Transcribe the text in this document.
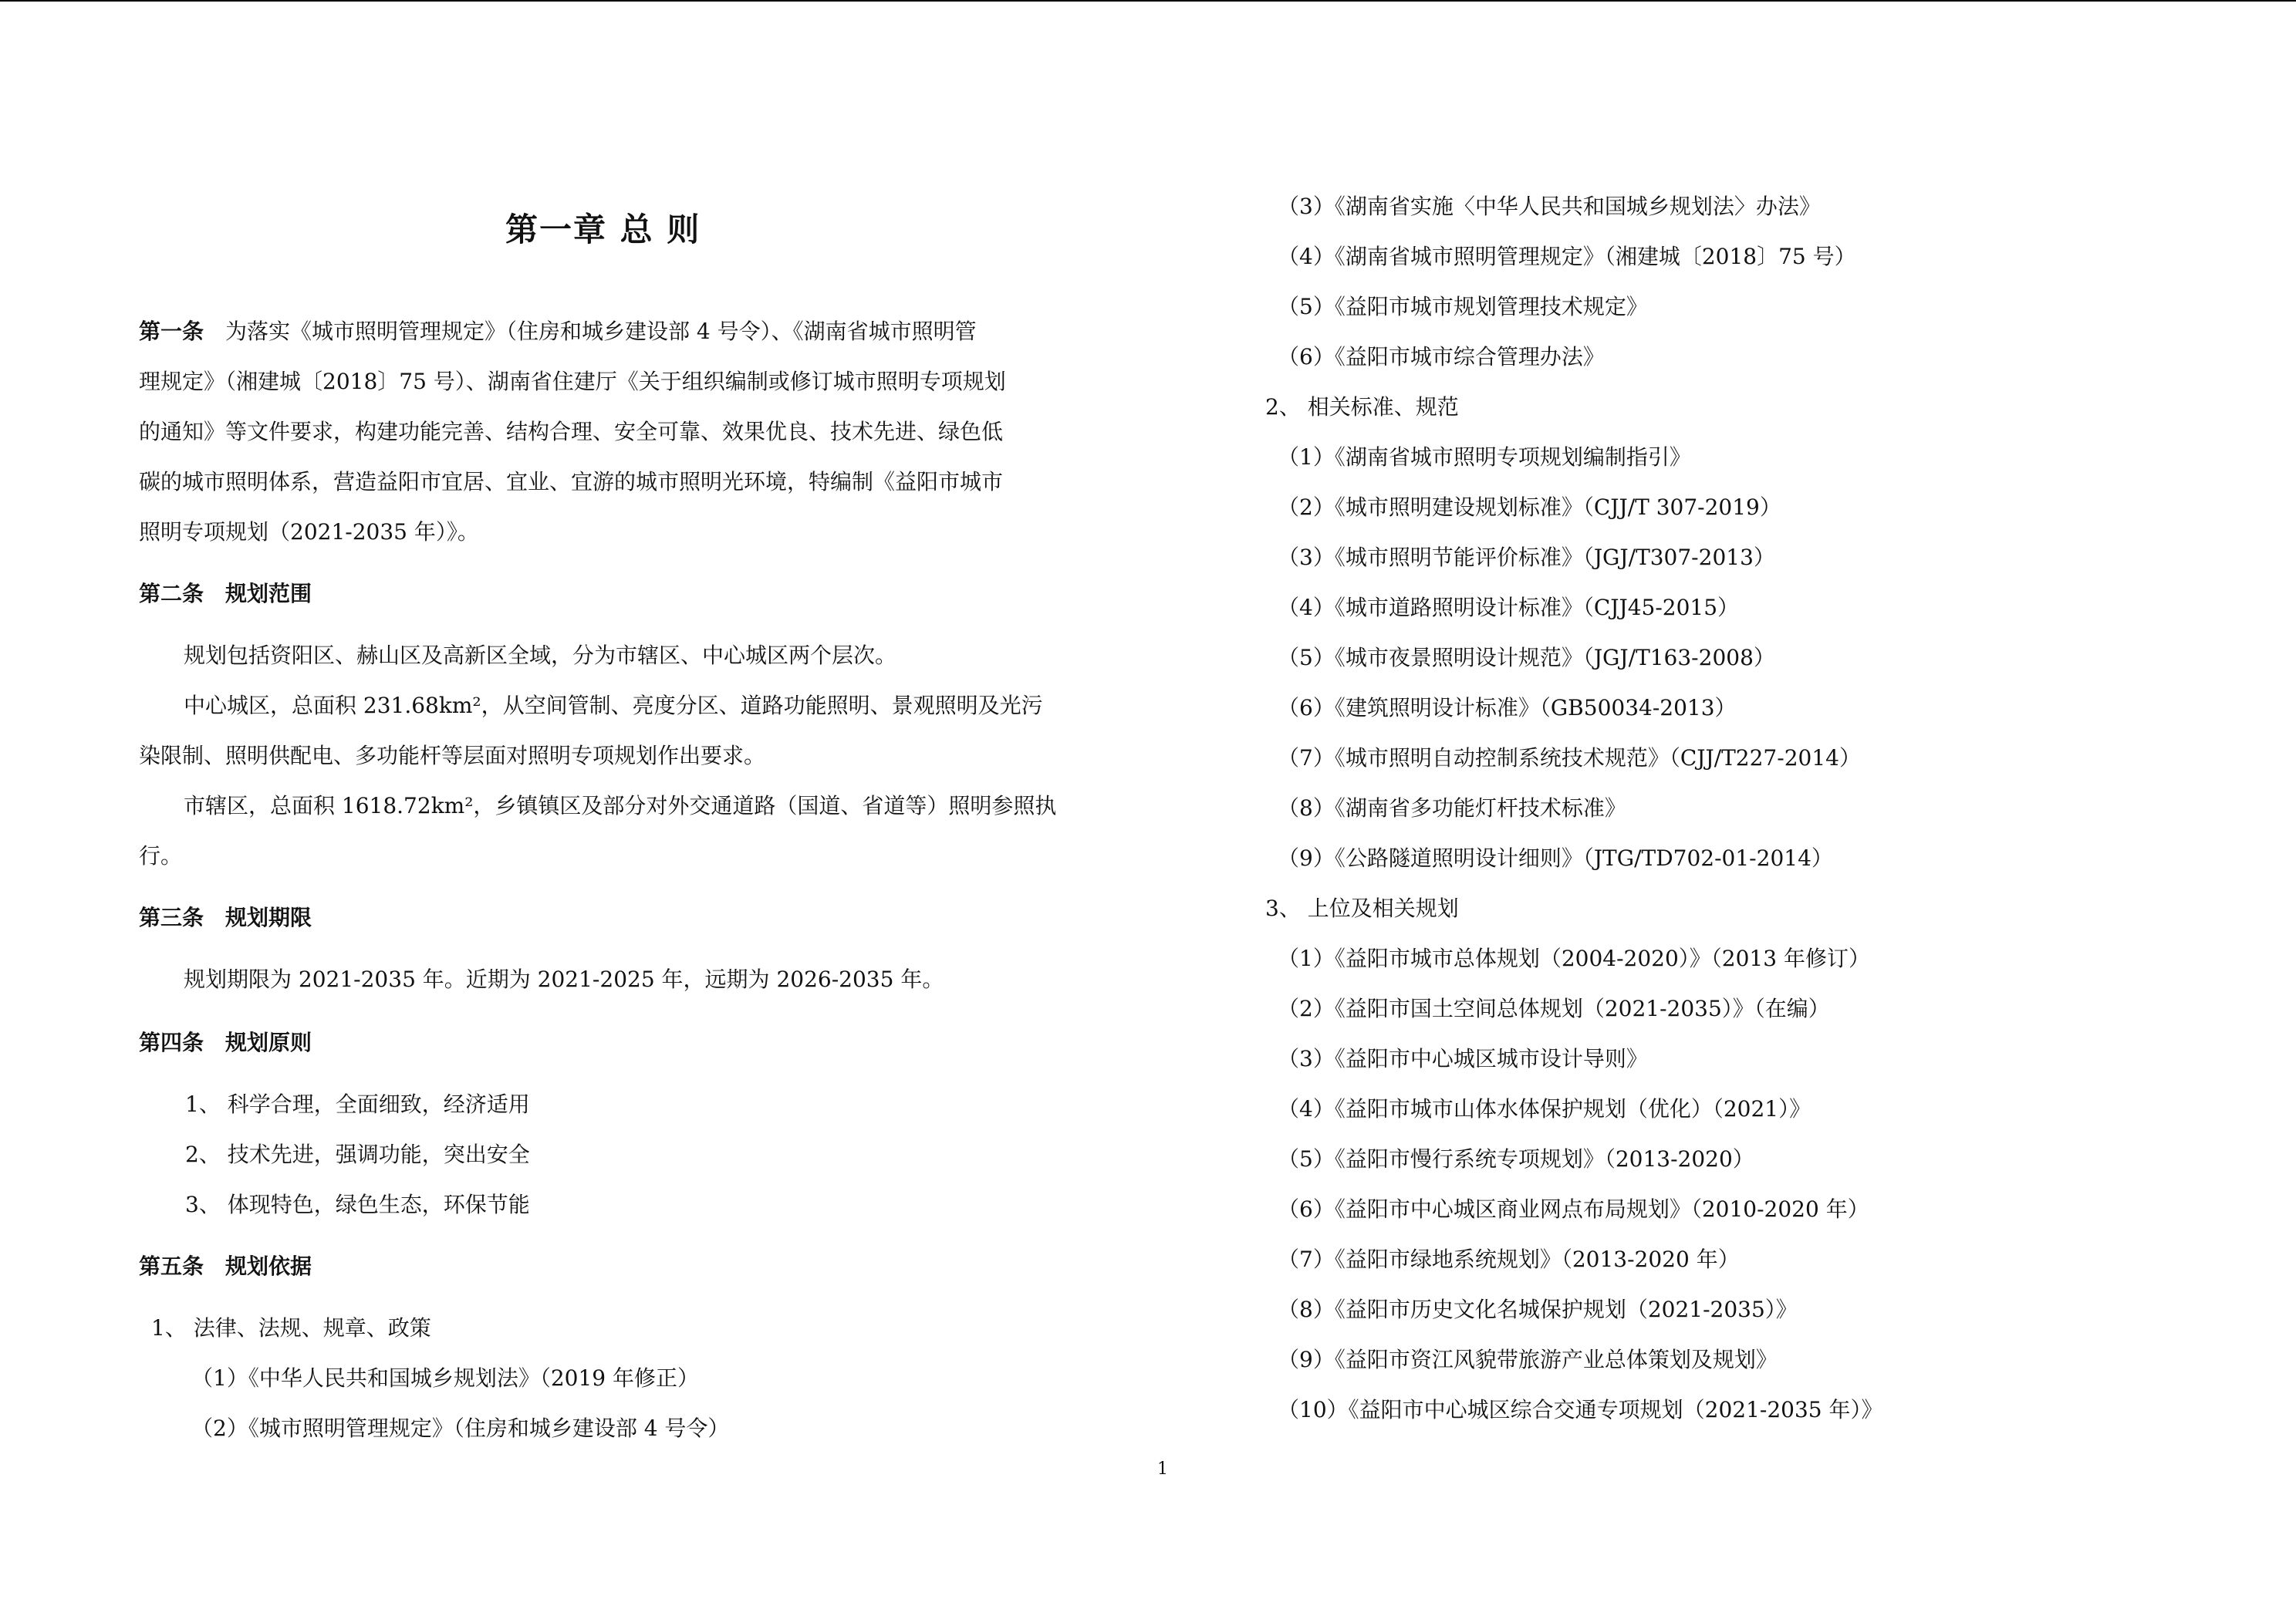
第一章 总 则
第一条 为落实《城市照明管理规定》（住房和城乡建设部 4 号令）、《湖南省城市照明管
理规定》（湘建城〔2018〕75 号）、湖南省住建厅《关于组织编制或修订城市照明专项规划
的通知》等文件要求，构建功能完善、结构合理、安全可靠、效果优良、技术先进、绿色低
碳的城市照明体系，营造益阳市宜居、宜业、宜游的城市照明光环境，特编制《益阳市城市
照明专项规划（2021-2035 年）》。
第二条 规划范围
规划包括资阳区、赫山区及高新区全域，分为市辖区、中心城区两个层次。
中心城区，总面积 231.68km²，从空间管制、亮度分区、道路功能照明、景观照明及光污
染限制、照明供配电、多功能杆等层面对照明专项规划作出要求。
市辖区，总面积 1618.72km²，乡镇镇区及部分对外交通道路（国道、省道等）照明参照执
行。
第三条 规划期限
规划期限为 2021-2035 年。近期为 2021-2025 年，远期为 2026-2035 年。
第四条 规划原则
1、 科学合理，全面细致，经济适用
2、 技术先进，强调功能，突出安全
3、 体现特色，绿色生态，环保节能
第五条 规划依据
1、 法律、法规、规章、政策
（1）《中华人民共和国城乡规划法》（2019 年修正）
（2）《城市照明管理规定》（住房和城乡建设部 4 号令）
（3）《湖南省实施〈中华人民共和国城乡规划法〉办法》
（4）《湖南省城市照明管理规定》（湘建城〔2018〕75 号）
（5）《益阳市城市规划管理技术规定》
（6）《益阳市城市综合管理办法》
2、 相关标准、规范
（1）《湖南省城市照明专项规划编制指引》
（2）《城市照明建设规划标准》（CJJ/T 307-2019）
（3）《城市照明节能评价标准》（JGJ/T307-2013）
（4）《城市道路照明设计标准》（CJJ45-2015）
（5）《城市夜景照明设计规范》（JGJ/T163-2008）
（6）《建筑照明设计标准》（GB50034-2013）
（7）《城市照明自动控制系统技术规范》（CJJ/T227-2014）
（8）《湖南省多功能灯杆技术标准》
（9）《公路隧道照明设计细则》（JTG/TD702-01-2014）
3、 上位及相关规划
（1）《益阳市城市总体规划（2004-2020）》（2013 年修订）
（2）《益阳市国土空间总体规划（2021-2035）》（在编）
（3）《益阳市中心城区城市设计导则》
（4）《益阳市城市山体水体保护规划（优化）（2021）》
（5）《益阳市慢行系统专项规划》（2013-2020）
（6）《益阳市中心城区商业网点布局规划》（2010-2020 年）
（7）《益阳市绿地系统规划》（2013-2020 年）
（8）《益阳市历史文化名城保护规划（2021-2035）》
（9）《益阳市资江风貌带旅游产业总体策划及规划》
（10）《益阳市中心城区综合交通专项规划（2021-2035 年）》
1
